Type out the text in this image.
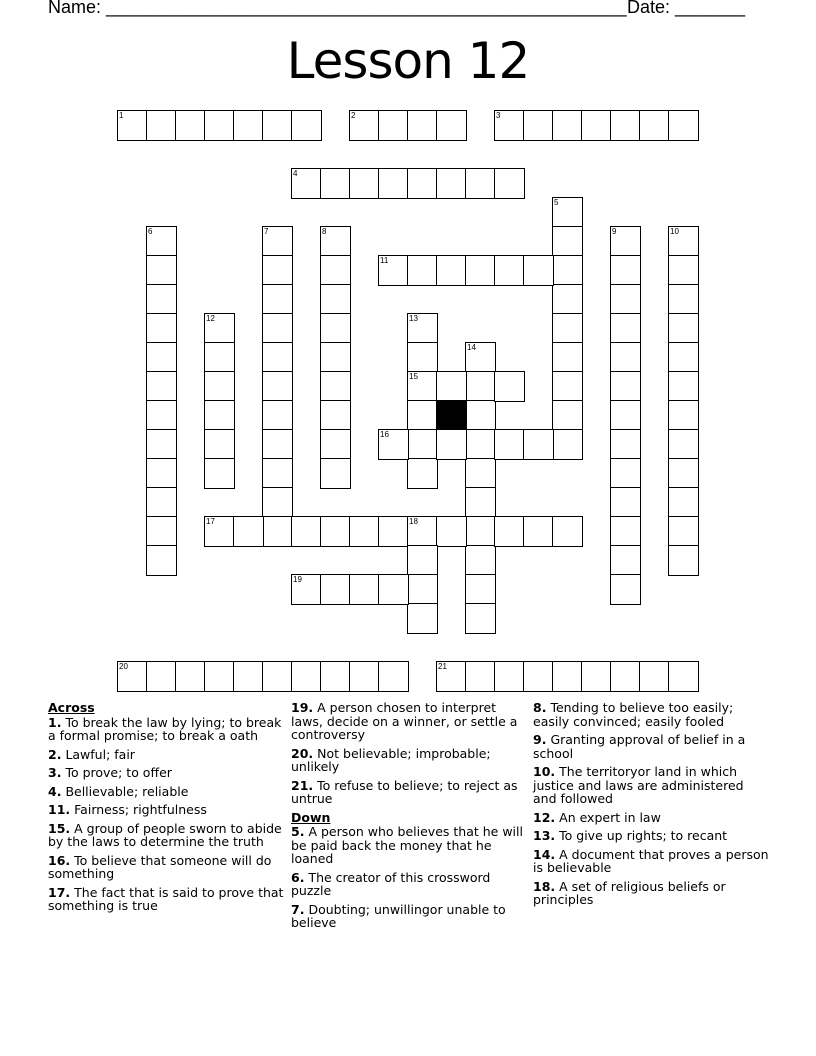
Name: ____________________________________________________ Date: _______
Lesson 12
1	2	3
4
5
6	7	8	9	10
11
12	13
15
14
16
17	18
19
20	21
Across
1. To break the law by lying; to break a formal promise; to break a oath
2. Lawful; fair
3. To prove; to offer
4. Bellievable; reliable
11. Fairness; rightfulness
15. A group of people sworn to abide by the laws to determine the truth
16. To believe that someone will do something
17. The fact that is said to prove that something is true
19. A person chosen to interpret laws, decide on a winner, or settle a controversy
20. Not believable; improbable; unlikely
21. To refuse to believe; to reject as untrue
Down
5. A person who believes that he will be paid back the money that he loaned
6. The creator of this crossword puzzle
7. Doubting; unwillingor unable to believe
8. Tending to believe too easily; easily convinced; easily fooled
9. Granting approval of belief in a school
10. The territoryor land in which justice and laws are administered and followed
12. An expert in law
13. To give up rights; to recant
14. A document that proves a person is believable
18. A set of religious beliefs or principles
